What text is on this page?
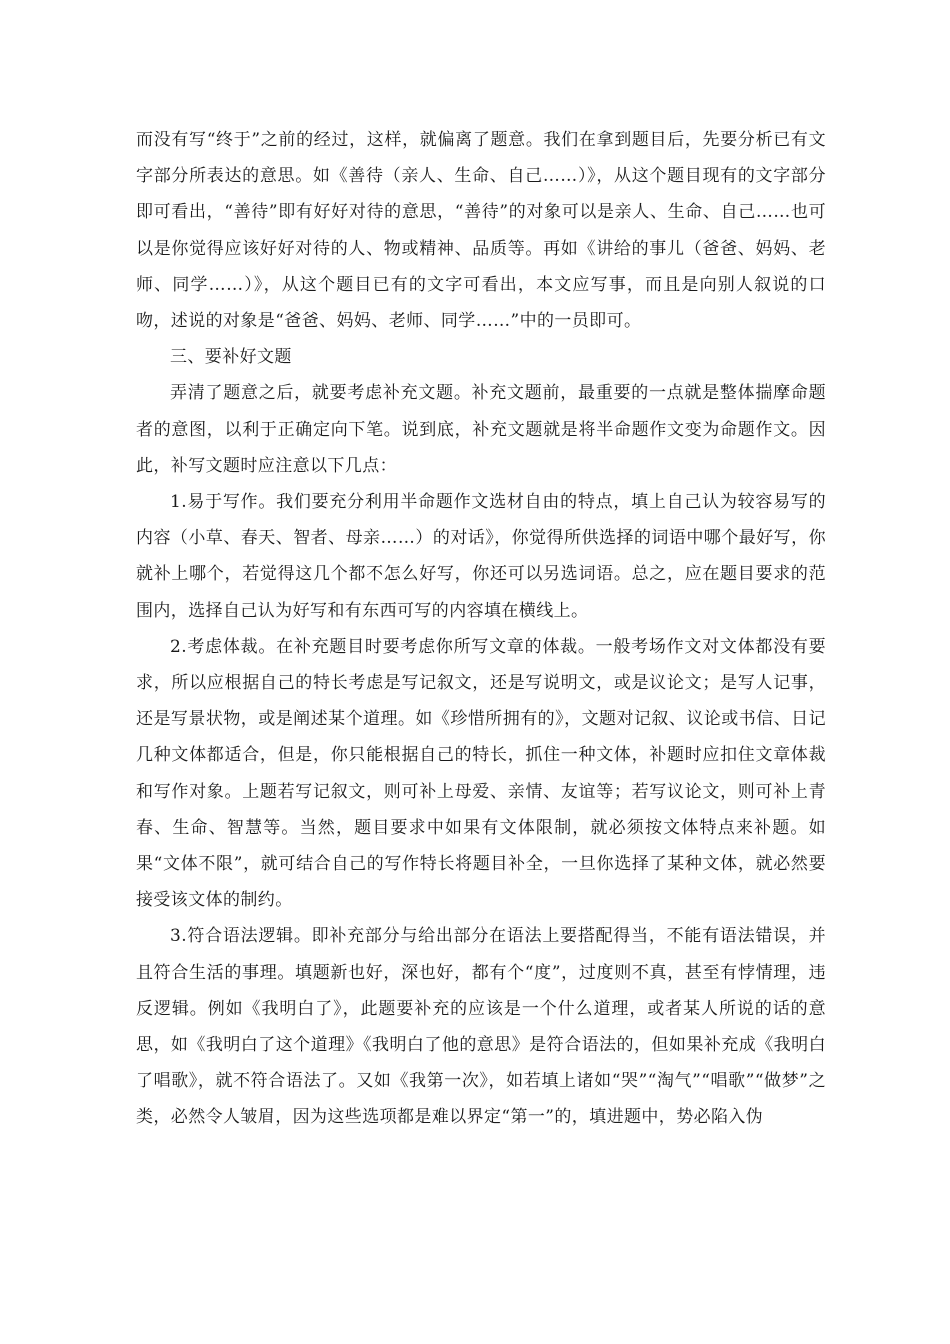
而没有写“终于”之前的经过，这样，就偏离了题意。我们在拿到题目后，先要分析已有文字部分所表达的意思。如《善待（亲人、生命、自己……）》，从这个题目现有的文字部分即可看出，“善待”即有好好对待的意思，“善待”的对象可以是亲人、生命、自己……也可以是你觉得应该好好对待的人、物或精神、品质等。再如《讲给的事儿（爸爸、妈妈、老师、同学……）》，从这个题目已有的文字可看出，本文应写事，而且是向别人叙说的口吻，述说的对象是“爸爸、妈妈、老师、同学……”中的一员即可。

三、要补好文题

弄清了题意之后，就要考虑补充文题。补充文题前，最重要的一点就是整体揣摩命题者的意图，以利于正确定向下笔。说到底，补充文题就是将半命题作文变为命题作文。因此，补写文题时应注意以下几点：

1.易于写作。我们要充分利用半命题作文选材自由的特点，填上自己认为较容易写的内容（小草、春天、智者、母亲……）的对话》，你觉得所供选择的词语中哪个最好写，你就补上哪个，若觉得这几个都不怎么好写，你还可以另选词语。总之，应在题目要求的范围内，选择自己认为好写和有东西可写的内容填在横线上。

2.考虑体裁。在补充题目时要考虑你所写文章的体裁。一般考场作文对文体都没有要求，所以应根据自己的特长考虑是写记叙文，还是写说明文，或是议论文；是写人记事，还是写景状物，或是阐述某个道理。如《珍惜所拥有的》，文题对记叙、议论或书信、日记几种文体都适合，但是，你只能根据自己的特长，抓住一种文体，补题时应扣住文章体裁和写作对象。上题若写记叙文，则可补上母爱、亲情、友谊等；若写议论文，则可补上青春、生命、智慧等。当然，题目要求中如果有文体限制，就必须按文体特点来补题。如果“文体不限”，就可结合自己的写作特长将题目补全，一旦你选择了某种文体，就必然要接受该文体的制约。

3.符合语法逻辑。即补充部分与给出部分在语法上要搭配得当，不能有语法错误，并且符合生活的事理。填题新也好，深也好，都有个“度”，过度则不真，甚至有悖情理，违反逻辑。例如《我明白了》，此题要补充的应该是一个什么道理，或者某人所说的话的意思，如《我明白了这个道理》《我明白了他的意思》是符合语法的，但如果补充成《我明白了唱歌》，就不符合语法了。又如《我第一次》，如若填上诸如“哭”“淘气”“唱歌”“做梦”之类，必然令人皱眉，因为这些选项都是难以界定“第一”的，填进题中，势必陷入伪
